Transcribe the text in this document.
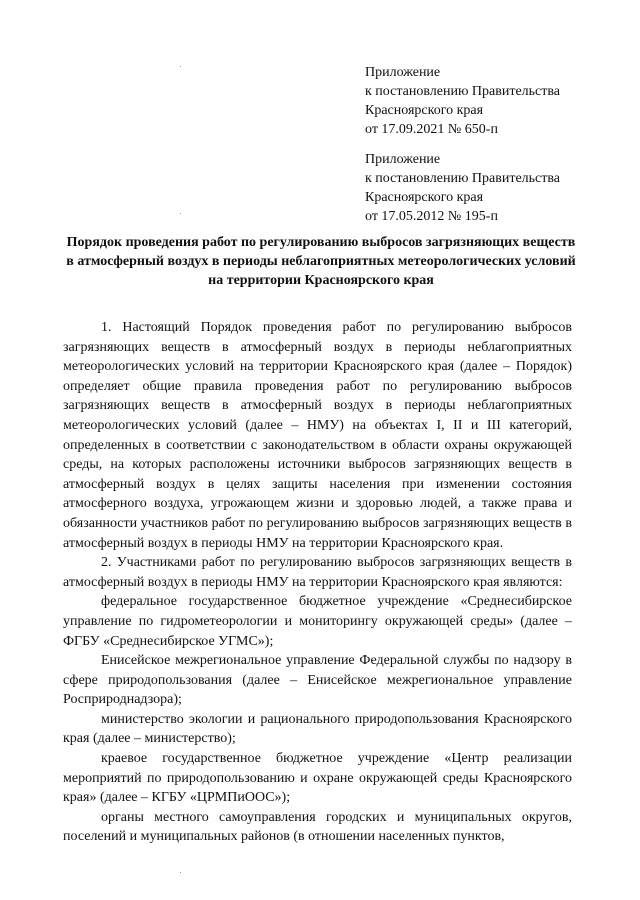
Приложение
к постановлению Правительства
Красноярского края
от 17.09.2021 № 650-п
Приложение
к постановлению Правительства
Красноярского края
от 17.05.2012 № 195-п
Порядок проведения работ по регулированию выбросов загрязняющих веществ в атмосферный воздух в периоды неблагоприятных метеорологических условий на территории Красноярского края

1. Настоящий Порядок проведения работ по регулированию выбросов загрязняющих веществ в атмосферный воздух в периоды неблагоприятных метеорологических условий на территории Красноярского края (далее – Порядок) определяет общие правила проведения работ по регулированию выбросов загрязняющих веществ в атмосферный воздух в периоды неблагоприятных метеорологических условий (далее – НМУ) на объектах I, II и III категорий, определенных в соответствии с законодательством в области охраны окружающей среды, на которых расположены источники выбросов загрязняющих веществ в атмосферный воздух в целях защиты населения при изменении состояния атмосферного воздуха, угрожающем жизни и здоровью людей, а также права и обязанности участников работ по регулированию выбросов загрязняющих веществ в атмосферный воздух в периоды НМУ на территории Красноярского края.

2. Участниками работ по регулированию выбросов загрязняющих веществ в атмосферный воздух в периоды НМУ на территории Красноярского края являются:

федеральное государственное бюджетное учреждение «Среднесибирское управление по гидрометеорологии и мониторингу окружающей среды» (далее – ФГБУ «Среднесибирское УГМС»);

Енисейское межрегиональное управление Федеральной службы по надзору в сфере природопользования (далее – Енисейское межрегиональное управление Росприроднадзора);

министерство экологии и рационального природопользования Красноярского края (далее – министерство);

краевое государственное бюджетное учреждение «Центр реализации мероприятий по природопользованию и охране окружающей среды Красноярского края» (далее – КГБУ «ЦРМПиООС»);

органы местного самоуправления городских и муниципальных округов, поселений и муниципальных районов (в отношении населенных пунктов,
